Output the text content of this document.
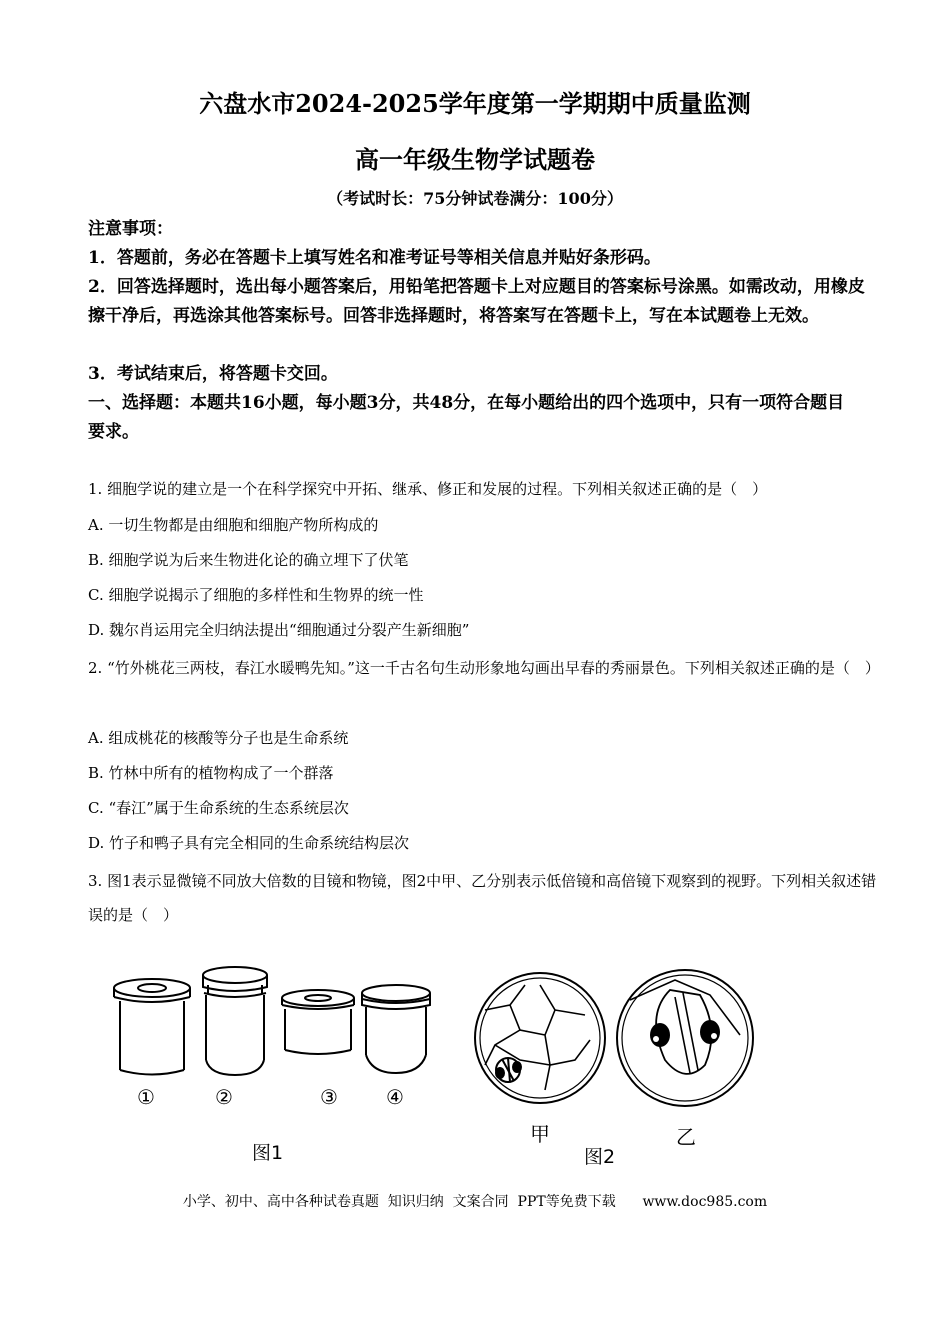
六盘水市2024-2025学年度第一学期期中质量监测
高一年级生物学试题卷
（考试时长：75分钟试卷满分：100分）
注意事项：
1．答题前，务必在答题卡上填写姓名和准考证号等相关信息并贴好条形码。
2．回答选择题时，选出每小题答案后，用铅笔把答题卡上对应题目的答案标号涂黑。如需改动，用橡皮擦干净后，再选涂其他答案标号。回答非选择题时，将答案写在答题卡上，写在本试题卷上无效。
3．考试结束后，将答题卡交回。
一、选择题：本题共16小题，每小题3分，共48分，在每小题给出的四个选项中，只有一项符合题目
要求。
1. 细胞学说的建立是一个在科学探究中开拓、继承、修正和发展的过程。下列相关叙述正确的是（　）
A. 一切生物都是由细胞和细胞产物所构成的
B. 细胞学说为后来生物进化论的确立埋下了伏笔
C. 细胞学说揭示了细胞的多样性和生物界的统一性
D. 魏尔肖运用完全归纳法提出“细胞通过分裂产生新细胞”
2. “竹外桃花三两枝，春江水暖鸭先知。”这一千古名句生动形象地勾画出早春的秀丽景色。下列相关叙述正确的是（　）
A. 组成桃花的核酸等分子也是生命系统
B. 竹林中所有的植物构成了一个群落
C. “春江”属于生命系统的生态系统层次
D. 竹子和鸭子具有完全相同的生命系统结构层次
3. 图1表示显微镜不同放大倍数的目镜和物镜，图2中甲、乙分别表示低倍镜和高倍镜下观察到的视野。下列相关叙述错误的是（　）
①	②	③ ④
图1
甲	乙
图2
小学、初中、高中各种试卷真题  知识归纳  文案合同  PPT等免费下载      www.doc985.com
